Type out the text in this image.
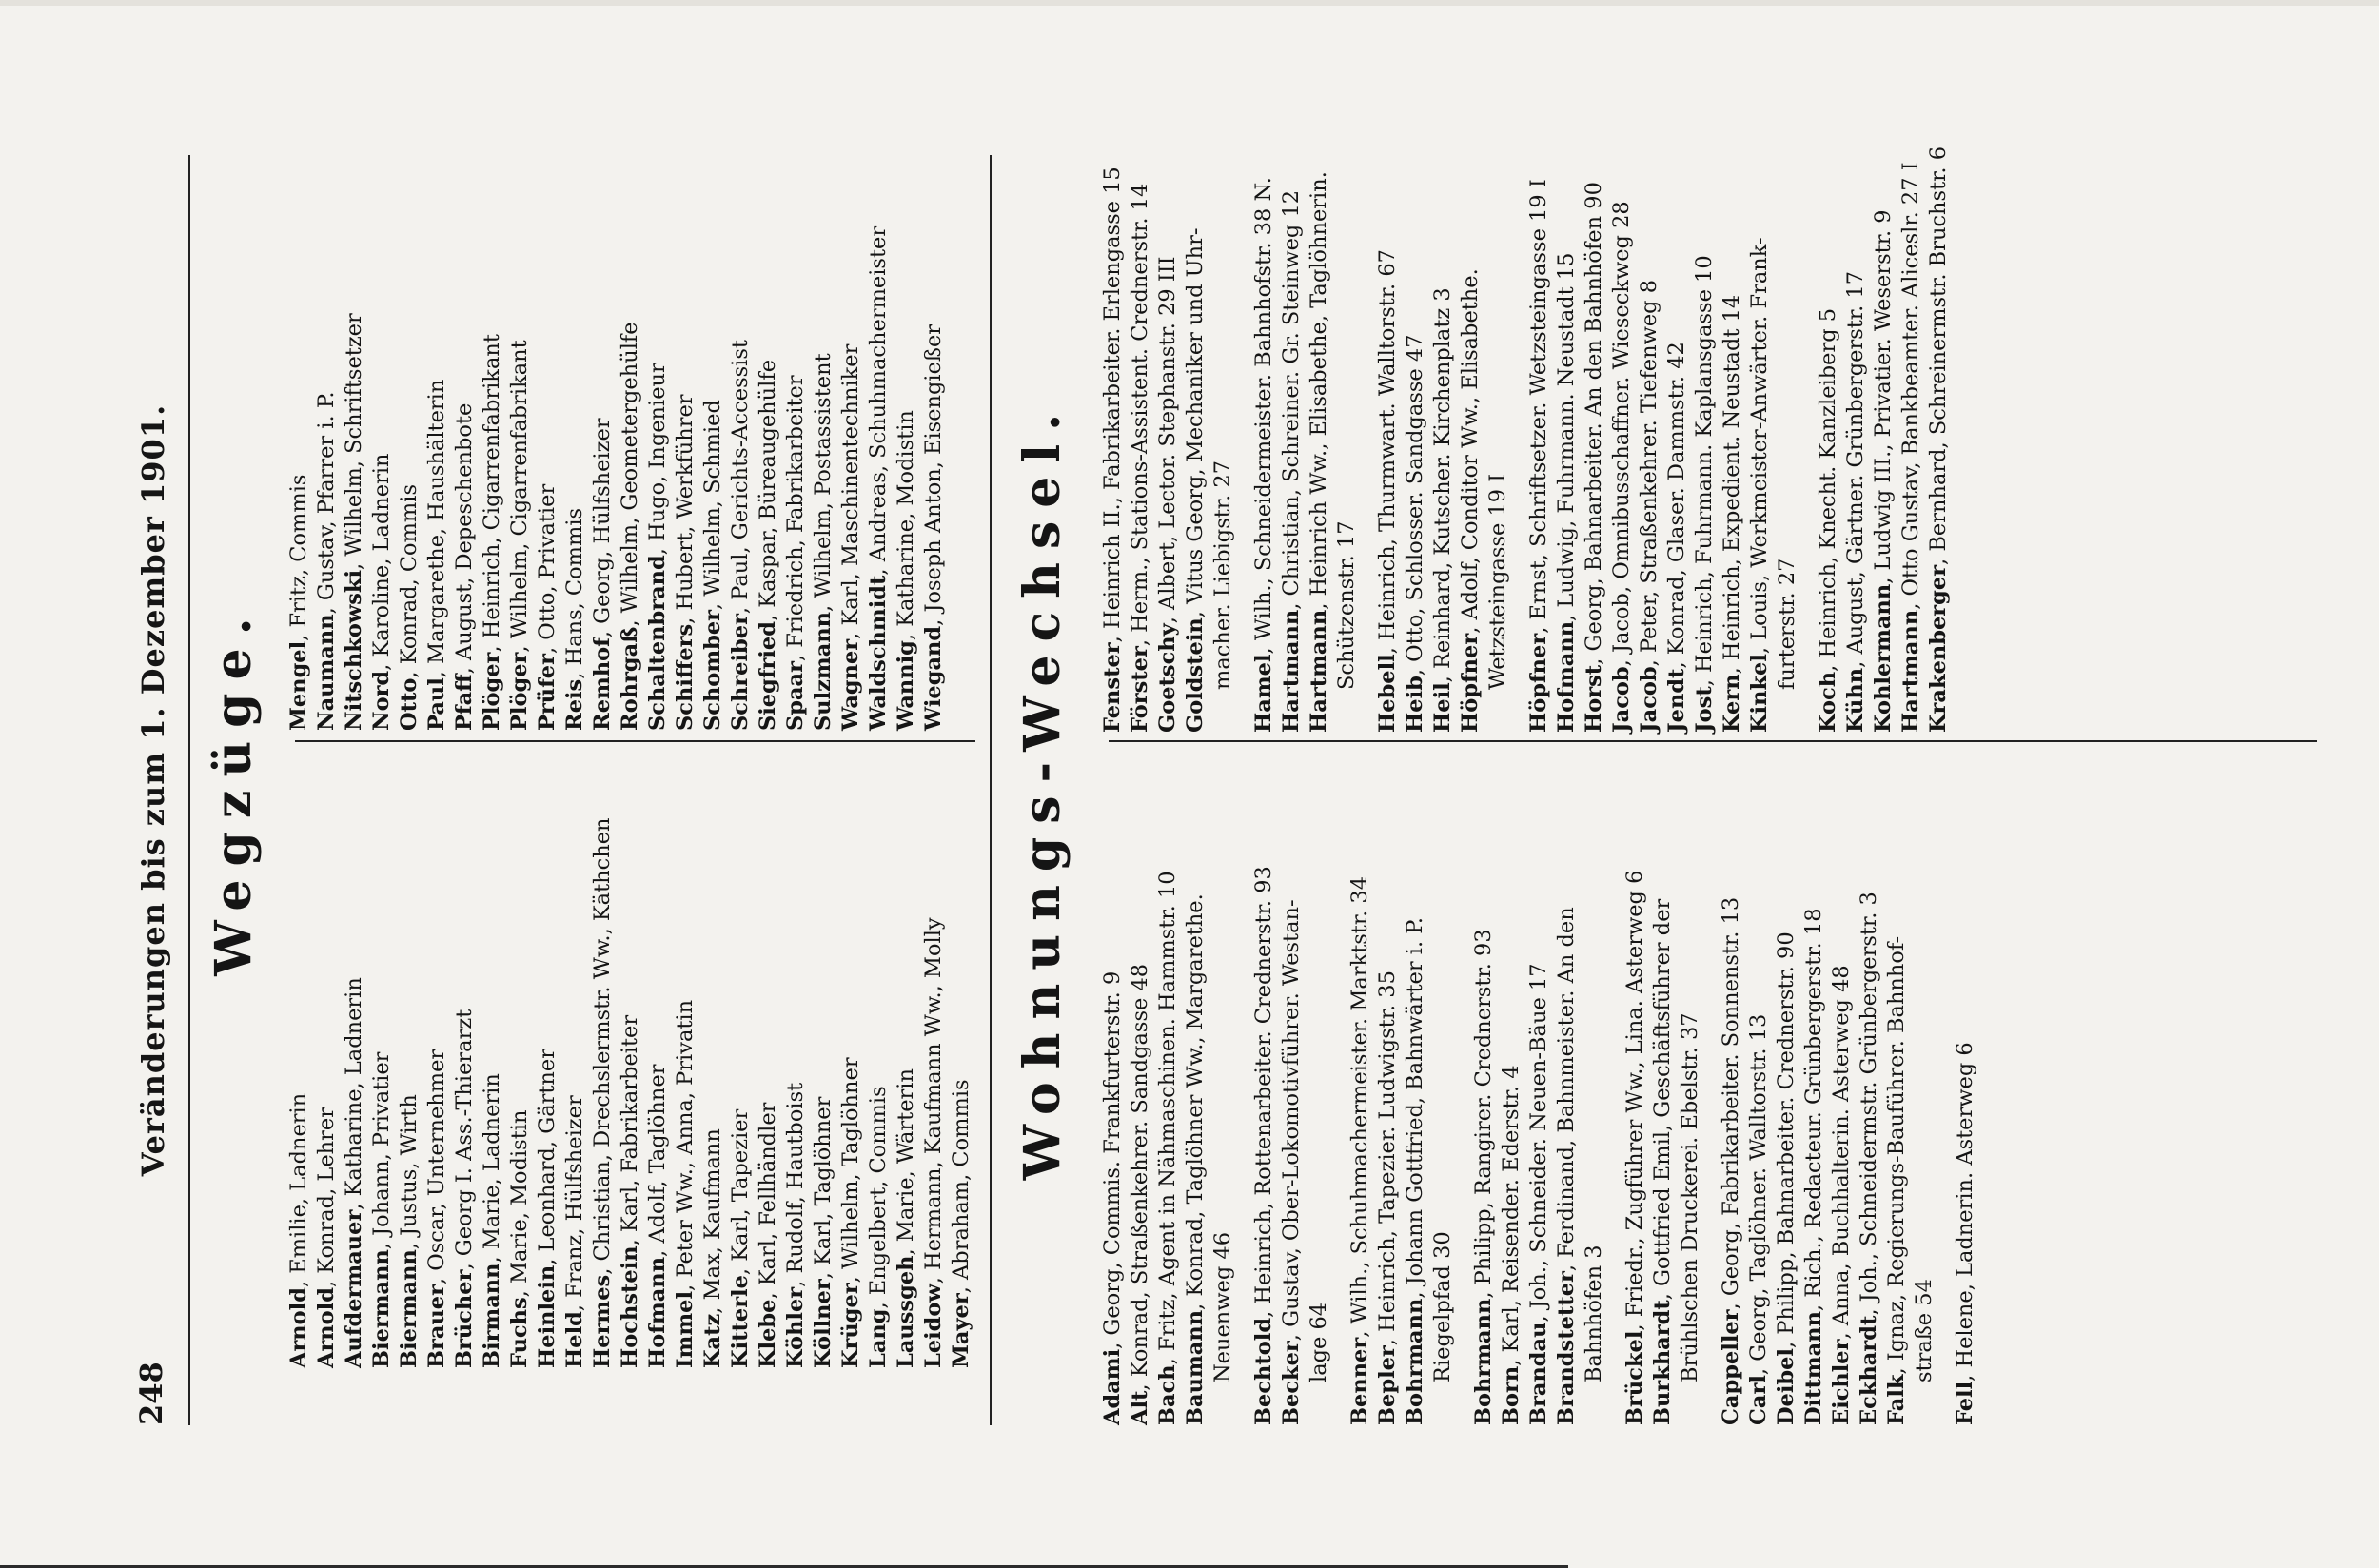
248
Veränderungen bis zum 1. Dezember 1901. Wegzüge.
Arnold, Emilie, Ladnerin
Arnold, Konrad, Lehrer
Aufdermauer, Katharine, Ladnerin
Biermann, Johann, Privatier
Biermann, Justus, Wirth
Brauer, Oscar, Unternehmer
Brücher, Georg I. Ass.-Thierarzt
Birmann, Marie, Ladnerin
Fuchs, Marie, Modistin
Heinlein, Leonhard, Gärtner
Held, Franz, Hülfsheizer
Hermes, Christian, Drechslermstr. Ww., Käthchen
Hochstein, Karl, Fabrikarbeiter
Hofmann, Adolf, Taglöhner
Immel, Peter Ww., Anna, Privatin
Katz, Max, Kaufmann
Kitterle, Karl, Tapezier
Klebe, Karl, Fellhändler
Köhler, Rudolf, Hautboist
Köllner, Karl, Taglöhner
Krüger, Wilhelm, Taglöhner
Lang, Engelbert, Commis
Laussgeh, Marie, Wärterin
Leidow, Hermann, Kaufmann Ww., Molly
Mayer, Abraham, Commis
Mengel, Fritz, Commis
Naumann, Gustav, Pfarrer i. P.
Nitschkowski, Wilhelm, Schriftsetzer
Nord, Karoline, Ladnerin
Otto, Konrad, Commis
Paul, Margarethe, Haushälterin
Pfaff, August, Depeschenbote
Plöger, Heinrich, Cigarrenfabrikant
Plöger, Wilhelm, Cigarrenfabrikant
Prüfer, Otto, Privatier
Reis, Hans, Commis
Remhof, Georg, Hülfsheizer
Rohrgaß, Wilhelm, Geometergehülfe
Schaltenbrand, Hugo, Ingenieur
Schiffers, Hubert, Werkführer
Schomber, Wilhelm, Schmied
Schreiber, Paul, Gerichts-Accessist
Siegfried, Kaspar, Büreaugehülfe
Spaar, Friedrich, Fabrikarbeiter
Sulzmann, Wilhelm, Postassistent
Wagner, Karl, Maschinentechniker
Waldschmidt, Andreas, Schuhmachermeister
Wannig, Katharine, Modistin
Wiegand, Joseph Anton, Eisengießer Wohnungs-Wechsel.
Adami, Georg, Commis. Frankfurterstr. 9
Alt, Konrad, Straßenkehrer. Sandgasse 48
Bach, Fritz, Agent in Nähmaschinen. Hammstr. 10
Baumann, Konrad, Taglöhner Ww., Margarethe.
  Neuenweg 46 Bechtold, Heinrich, Rottenarbeiter. Crednerstr. 93
Becker, Gustav, Ober-Lokomotivführer. Westan-
  lage 64 Benner, Wilh., Schuhmachermeister. Marktstr. 34
Bepler, Heinrich, Tapezier. Ludwigstr. 35
Bohrmann, Johann Gottfried, Bahnwärter i. P.
  Riegelpfad 30 Bohrmann, Philipp, Rangirer. Crednerstr. 93
Born, Karl, Reisender. Ederstr. 4
Brandau, Joh., Schneider. Neuen-Bäue 17
Brandstetter, Ferdinand, Bahnmeister. An den
  Bahnhöfen 3 Brückel, Friedr., Zugführer Ww., Lina. Asterweg 6
Burkhardt, Gottfried Emil, Geschäftsführer der   Brühlschen Druckerei. Ebelstr. 37 Cappeller, Georg, Fabrikarbeiter. Sonnenstr. 13
Carl, Georg, Taglöhner. Walltorstr. 13
Deibel, Philipp, Bahnarbeiter. Crednerstr. 90
Dittmann, Rich., Redacteur. Grünbergerstr. 18
Eichler, Anna, Buchhalterin. Asterweg 48
Eckhardt, Joh., Schneidermstr. Grünbergerstr. 3
Falk, Ignaz, Regierungs-Bauführer. Bahnhof-   straße 54 Fell, Helene, Ladnerin. Asterweg 6
Fenster, Heinrich II., Fabrikarbeiter. Erlengasse 15
Förster, Herm., Stations-Assistent. Crednerstr. 14
Goetschy, Albert, Lector. Stephanstr. 29 III
Goldstein, Vitus Georg, Mechaniker und Uhr-   macher. Liebigstr. 27 Hamel, Wilh., Schneidermeister. Bahnhofstr. 38 N.
Hartmann, Christian, Schreiner. Gr. Steinweg 12
Hartmann, Heinrich Ww., Elisabethe, Taglöhnerin.
  Schützenstr. 17 Hebell, Heinrich, Thurmwart. Walltorstr. 67
Heib, Otto, Schlosser. Sandgasse 47
Heil, Reinhard, Kutscher. Kirchenplatz 3
Höpfner, Adolf, Conditor Ww., Elisabethe.   Wetzsteingasse 19 I Höpfner, Ernst, Schriftsetzer. Wetzsteingasse 19 I
Hofmann, Ludwig, Fuhrmann. Neustadt 15
Horst, Georg, Bahnarbeiter. An den Bahnhöfen 90
Jacob, Jacob, Omnibusschaffner. Wieseckweg 28
Jacob, Peter, Straßenkehrer. Tiefenweg 8
Jendt, Konrad, Glaser. Dammstr. 42
Jost, Heinrich, Fuhrmann. Kaplansgasse 10
Kern, Heinrich, Expedient. Neustadt 14
Kinkel, Louis, Werkmeister-Anwärter. Frank-   furterstr. 27 Koch, Heinrich, Knecht. Kanzleiberg 5
Kühn, August, Gärtner. Grünbergerstr. 17 Kohlermann, Ludwig III., Privatier. Weserstr. 9
Hartmann, Otto Gustav, Bankbeamter. Aliceslr. 27 I
Krakenberger, Bernhard, Schreinermstr. Bruchstr. 6
